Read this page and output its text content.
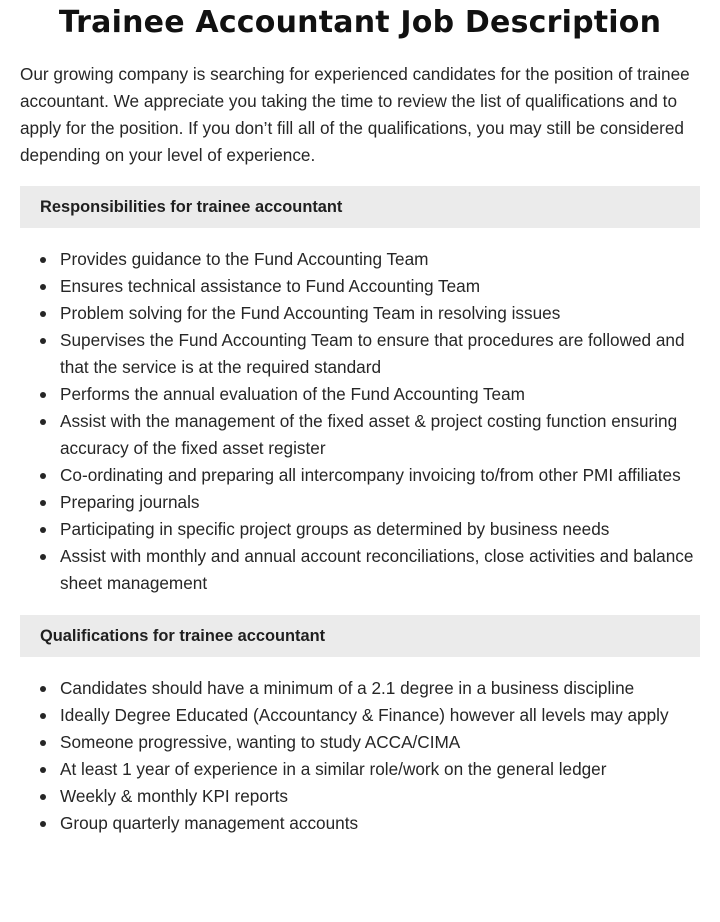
Trainee Accountant Job Description

Our growing company is searching for experienced candidates for the position of trainee accountant. We appreciate you taking the time to review the list of qualifications and to apply for the position. If you don’t fill all of the qualifications, you may still be considered depending on your level of experience.

Responsibilities for trainee accountant
Provides guidance to the Fund Accounting Team
Ensures technical assistance to Fund Accounting Team
Problem solving for the Fund Accounting Team in resolving issues
Supervises the Fund Accounting Team to ensure that procedures are followed and that the service is at the required standard
Performs the annual evaluation of the Fund Accounting Team
Assist with the management of the fixed asset & project costing function ensuring accuracy of the fixed asset register
Co-ordinating and preparing all intercompany invoicing to/from other PMI affiliates
Preparing journals
Participating in specific project groups as determined by business needs
Assist with monthly and annual account reconciliations, close activities and balance sheet management
Qualifications for trainee accountant
Candidates should have a minimum of a 2.1 degree in a business discipline
Ideally Degree Educated (Accountancy & Finance) however all levels may apply
Someone progressive, wanting to study ACCA/CIMA
At least 1 year of experience in a similar role/work on the general ledger
Weekly & monthly KPI reports
Group quarterly management accounts
